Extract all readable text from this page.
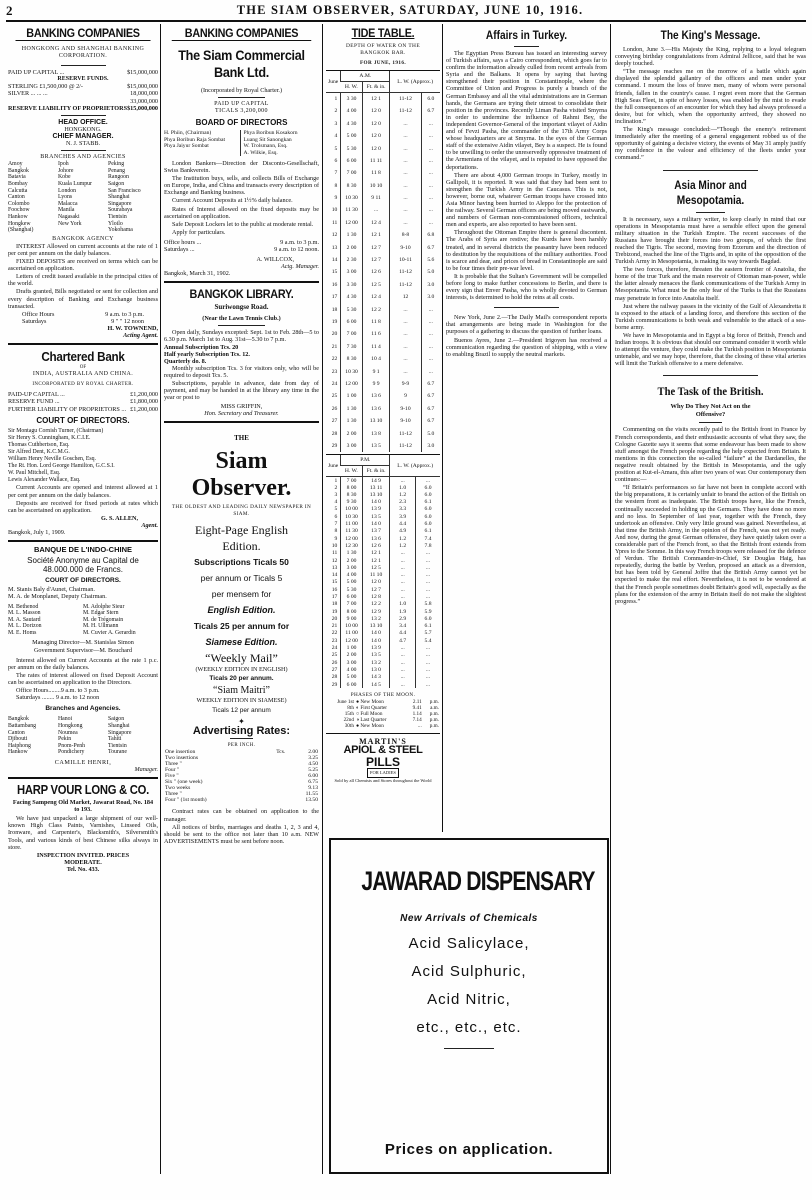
2	THE SIAM OBSERVER, SATURDAY, JUNE 10, 1916.
BANKING COMPANIES
HONGKONG AND SHANGHAI BANKING CORPORATION.
PAID UP CAPITAL ...	$15,000,000
RESERVE FUNDS.
STERLING £1,500,000 @ 2/-	$15,000,000
SILVER ... ... ...	18,000,000
33,000,000
RESERVE LIABILITY OF PROPRIETORS $15,000,000
HEAD OFFICE.
HONGKONG.
CHIEF MANAGER.
N. J. STABB.
BRANCHES AND AGENCIES
Amoy	Ipoh	Peking
Bangkok	Johore	Penang
Batavia	Kobe	Rangoon
Bombay	Kuala Lumpur	Saigon
Calcutta	London	San Francisco
Canton	Lyons	Shanghai
Colombo	Malacca	Singapore
Foochow	Manila	Sourabaya
Hankow	Nagasaki	Tientsin
Hongkew	New York	Yloilo
(Shanghai)	Yokohama
BANGKOK AGENCY

INTEREST Allowed on current accounts at the rate of 1 per cent per annum on the daily balances.

FIXED DEPOSITS are received on terms which can be ascertained on application.

Letters of credit issued available in the principal cities of the world.

Drafts granted, Bills negotiated or sent for collection and every description of Banking and Exchange business transacted.

Office Hours	9 a.m. to 3 p.m.
Saturdays	9 " " 12 noon
H. W. TOWNEND,
Acting Agent.
Chartered Bank
OF
INDIA, AUSTRALIA AND CHINA.
INCORPORATED BY ROYAL CHARTER.
PAID-UP CAPITAL ...	£1,200,000
RESERVE FUND ...	£1,800,000
FURTHER LIABILITY OF PROPRIETORS ... £1,200,000
COURT OF DIRECTORS.
Sir Montagu Cornish Turner, (Chairman)
Sir Henry S. Cunningham, K.C.I.E.
Thomas Cuthbertson, Esq.
Sir Alfred Dent, K.C.M.G.
William Henry Neville Goschen, Esq.
The Rt. Hon. Lord George Hamilton, G.C.S.I.
W. Paul Mitchell, Esq.
Lewis Alexander Wallace, Esq.

Current Accounts are opened and interest allowed at 1 per cent per annum on the daily balances.

Deposits are received for fixed periods at rates which can be ascertained on application.

G. S. ALLEN,
Agent.
Bangkok, July 1, 1909.
BANQUE DE L'INDO-CHINE
Société Anonyme au Capital de 48.000.000 de Francs.
COURT OF DIRECTORS.
M. Stanis Baly d'Aunet, Chairman.
M. A. de Monplanet, Deputy Chairman.
M. Bethenod	M. Adolphe Sieur
M. L. Masson	M. Edgar Stern
M. A. Sautard	M. de Trégomain
M. L. Dorizon	M. H. Ullmann
M. E. Homs	M. Cuvier A. Gerardin
Managing Director—M. Stanislas Simon
Government Supervisor—M. Bouchard

Interest allowed on Current Accounts at the rate 1 p.c. per annum on the daily balances.

The rates of interest allowed on fixed Deposit Account can be ascertained on application to the Directors.

Office Hours........9 a.m. to 3 p.m.
Saturdays ........ 9 a.m. to 12 noon
Branches and Agencies.
Bangkok	Hanoi	Saigon
Battambang	Hongkong	Shanghai
Canton	Noumea	Singapore
Djibouti	Pekin	Tahiti
Haiphong	Pnom-Penh	Tientsin
Hankow	Pondichery	Tourane
CAMILLE HENRI,
Manager.
HARP VOUR LONG & CO.
Facing Sampeng Old Market, Jawarat Road, No. 184 to 193.

We have just unpacked a large shipment of our well-known High Class Paints, Varnishes, Linseed Oils, Ironware, and Carpenter's, Blacksmith's, Silversmith's Tools, and various kinds of best Chinese silks always in store.

INSPECTION INVITED. PRICES
MODERATE.
Tel. No. 433.
BANKING COMPANIES
The Siam Commercial Bank Ltd.
(Incorporated by Royal Charter.)
PAID UP CAPITAL
TICALS 3,200,000
BOARD OF DIRECTORS
H. Phiin, (Chairman)
Phya Boribun Raja Sombat
Phya Jaiyur Sombat
Phya Boribun Kosakorn
Luang Sit Sanongkan
W. Trolsmann, Esq.
A. Wilkie, Esq.

London Bankers—Direction der Disconto-Gesellschaft, Swiss Bankverein.

The Institution buys, sells, and collects Bills of Exchange on Europe, India, and China and transacts every description of Exchange and Banking business.

Current Account Deposits at 1½% daily balance.

Rates of Interest allowed on the fixed deposits may be ascertained on application.

Safe Deposit Lockers let to the public at moderate rental.

Apply for particulars.

Office hours ...	9 a.m. to 3 p.m.
Saturdays ...	9 a.m. to 12 noon.
A. WILLCOX,
Actg. Manager.
Bangkok, March 31, 1902.
BANGKOK LIBRARY.
Suriwongse Road.
(Near the Lawn Tennis Club.)

Open daily, Sundays excepted: Sept. 1st to Feb. 28th—5 to 6.30 p.m. March 1st to Aug. 31st—5.30 to 7 p.m.

Annual Subscription Tcs. 20
Half yearly Subscription Tcs. 12.
Quarterly do. 8.

Monthly subscription Tcs. 3 for visitors only, who will be required to deposit Tcs. 5.

Subscriptions, payable in advance, date from day of payment, and may be handed in at the library any time in the year or post to

MISS GRIFFIN,
Hon. Secretary and Treasurer.
THE
Siam Observer.
THE OLDEST AND LEADING DAILY NEWSPAPER IN SIAM.
Eight-Page English
Edition.
Subscriptions Ticals 50
per annum or Ticals 5
per mensem for
English Edition.
Ticals 25 per annum for
Siamese Edition.
“Weekly Mail”
(WEEKLY EDITION IN ENGLISH)
Ticals 20 per annum.
“Siam Maitri”
WEEKLY EDITION IN SIAMESE)
Ticals 12 per annum
✦
Advertising Rates:
PER INCH.
One insertion	Tcs.	2.00
Two insertions		3.25
Three "		4.50
Four "		5.25
Five "		6.00
Six " (one week)		6.75
Two weeks		9.13
Three "		11.55
Four " (1st month)		13.50

Contract rates can be obtained on application to the manager.

All notices of births, marriages and deaths 1, 2, 3 and 4, should be sent to the office not later than 10 a.m. NEW ADVERTISEMENTS must be sent before noon.

TIDE TABLE.
DEPTH OF WATER ON THE BANGKOK BAR.
FOR JUNE, 1916.
June	A.M.		L. W. (Approx.)	
	H. W.	Ft. & in.		
1	3 30	12 1	11-12	6.0
2	4 00	12 0	11-12	6.7
3	4 30	12 0	...	...
4	5 00	12 0	...	...
5	5 30	12 0	...	...
6	6 00	11 11	...	...
7	7 00	11 8	...	...
8	8 30	10 10	...	...
9	10 30	9 11	...	...
10	11 30	...	...	...
11	12 00	12 4	...	...
12	1 30	12 1	8-8	6.8
13	2 00	12 7	9-10	6.7
14	2 30	12 7	10-11	5.6
15	3 00	12 6	11-12	5.0
16	3 30	12 5	11-12	3.0
17	4 30	12 4	12	3.0
18	5 30	12 2	...	...
19	6 00	11 8	...	...
20	7 00	11 6	...	...
21	7 30	11 4	...	...
22	8 30	10 4	...	...
23	10 30	9 1	...	...
24	12 00	9 9	9-9	6.7
25	1 00	13 6	9	6.7
26	1 30	13 6	9-10	6.7
27	1 30	13 10	9-10	6.7
28	2 00	13 8	11-12	5.0
29	3 00	13 5	11-12	3.0
June	P.M.		L. W. (Approx.)	
	H. W.	Ft. & in.		
1	7 00	14 9	...	...
2	8 00	13 11	1.0	6.0
3	8 30	13 10	1.2	6.0
4	9 30	14 0	2.3	6.1
5	10 00	13 9	3.3	6.0
6	10 30	13 5	3.9	6.0
7	11 00	14 0	4.4	6.0
8	11 30	13 7	4.9	6.1
9	12 00	13 6	1.2	7.4
10	12 30	12 6	1.2	7.8
11	1 30	12 1	...	...
12	2 00	12 1	...	...
13	3 00	12 5	...	...
14	4 00	11 10	...	...
15	5 00	12 0	...	...
16	5 30	12 7	...	...
17	6 00	12 8	...	...
18	7 00	12 2	1.0	5.8
19	8 00	12 9	1.9	5.9
20	9 00	13 2	2.9	6.0
21	10 00	13 10	3.4	6.1
22	11 00	14 0	4.4	5.7
23	12 00	14 0	4.7	5.4
24	1 00	13 9	...	...
25	2 00	13 5	...	...
26	3 00	13 2	...	...
27	4 00	13 0	...	...
28	5 00	14 3	...	...
29	6 00	14 5	...	...
PHASES OF THE MOON.
June 1st	● New Moon	2.11	p.m.
8th	◐ First Quarter	9.41	a.m.
15th	○ Full Moon	1.14	p.m.
22nd	◑ Last Quarter	7.14	p.m.
30th	● New Moon	...	p.m.
MARTIN'S
APIOL & STEEL
PILLS
FOR LADIES
Sold by all Chemists and Stores throughout the World
Affairs in Turkey.

The Egyptian Press Bureau has issued an interesting survey of Turkish affairs, says a Cairo correspondent, which goes far to confirm the information already culled from recent arrivals from Syria and the Balkans. It opens by saying that having strengthened their position in Constantinople, where the Committee of Union and Progress is purely a branch of the German Embassy and all the vital administrations are in German hands, the Germans are trying their utmost to consolidate their position in the provinces. Recently Liman Pasha visited Smyrna in order to undermine the influence of Rahmi Bey, the independent Governor-General of the important vilayet of Aidin and of Fevzi Pasha, the commander of the 17th Army Corps whose headquarters are at Smyrna. In the eyes of the German staff of the extensive Aidin vilayet, Bey is a suspect. He is found to be unwilling to order the unreservedly oppressive treatment of the Armenians of the vilayet, and is reputed to have opposed the deportations.

There are about 4,000 German troops in Turkey, mostly in Gallipoli, it is reported. It was said that they had been sent to strengthen the Turkish Army in the Caucasus. This is not, however, borne out, whatever German troops have crossed into Asia Minor having been hurried to Aleppo for the protection of the railway. Several German officers are being moved eastwards, and numbers of German non-commissioned officers, technical men and experts, are also reported to have been sent.

Throughout the Ottoman Empire there is general discontent. The Arabs of Syria are restive; the Kurds have been harshly treated, and in several districts the peasantry have been reduced to destitution by the requisitions of the military authorities. Food is scarce and dear, and prices of bread in Constantinople are said to be four times their pre-war level.

It is probable that the Sultan's Government will be compelled before long to make further concessions to Berlin, and there is every sign that Enver Pasha, who is wholly devoted to German interests, is determined to hold the reins at all costs.

New York, June 2.—The Daily Mail's correspondent reports that arrangements are being made in Washington for the purposes of a gathering to discuss the question of further loans.

Buenos Ayres, June 2.—President Irigoyen has received a communication regarding the question of shipping, with a view to enabling Brazil to supply the neutral markets.

JAWARAD DISPENSARY
New Arrivals of Chemicals
Acid Salicylace,
Acid Sulphuric,
Acid Nitric,
etc., etc., etc.
Prices on application.
The King's Message.

London, June 3.—His Majesty the King, replying to a loyal telegram conveying birthday congratulations from Admiral Jellicoe, said that he was deeply touched.

“The message reaches me on the morrow of a battle which again displayed the splendid gallantry of the officers and men under your command. I mourn the loss of brave men, many of whom were personal friends, fallen in the country's cause. I regret even more that the German High Seas Fleet, in spite of heavy losses, was enabled by the mist to evade the full consequences of an encounter for which they had always professed a desire, but for which, when the opportunity arrived, they showed no inclination.”

The King's message concluded:—“Though the enemy's retirement immediately after the meeting of a general engagement robbed us of the opportunity of gaining a decisive victory, the events of May 31 amply justify my confidence in the valour and efficiency of the fleets under your command.”

Asia Minor and Mesopotamia.

It is necessary, says a military writer, to keep clearly in mind that our operations in Mesopotamia must have a sensible effect upon the general military situation in the Turkish Empire. The recent successes of the Russians have brought their forces into two groups, of which the first reached the Tigris. The second, moving from Erzerum and the direction of Trebizond, reached the line of the Tigris and, in spite of the opposition of the Turkish Army in Mesopotamia, is making its way towards Bagdad.

The two forces, therefore, threaten the eastern frontier of Anatolia, the home of the true Turk and the main reservoir of Ottoman man-power, while the latter already menaces the flank communications of the Turkish Army in Mesopotamia. What must be the only fear of the Turks is that the Russians may penetrate in force into Anatolia itself.

Just where the railway passes in the vicinity of the Gulf of Alexandretta it is exposed to the attack of a landing force, and therefore this section of the Turkish communications is both weak and vulnerable to the attack of a sea-borne army.

We have in Mesopotamia and in Egypt a big force of British, French and Indian troops. It is obvious that should our command consider it worth while to attempt the venture, they could make the Turkish position in Mesopotamia untenable, and we may hope, therefore, that the closing of these vital arteries will limit the Turkish offensive to a mere defensive.

The Task of the British.
Why Do They Not Act on the Offensive?

Commenting on the visits recently paid to the British front in France by French correspondents, and their enthusiastic accounts of what they saw, the Cologne Gazette says it seems that some endeavour has been made to show stuff amongst the French people regarding the help expected from Britain. It mentions in this connection the so-called “failure” at the Dardanelles, the negative result obtained by the British in Mesopotamia, and the ugly position at Kut-el-Amara, this after two years of war. Our contemporary then continues:—

“If Britain's performances so far have not been in complete accord with the big preparations, it is certainly unfair to brand the action of the British on the western front as inadequate. The British troops have, like the French, continually succeeded in holding up the Germans. They have done no more and no less. In September of last year, together with the French, they undertook an offensive. Only very little ground was gained. Nevertheless, at that time the British Army, in the opinion of the French, was not yet ready. And now, during the great German offensive, they have quietly taken over a considerable part of the French front, so that the British front extends from Ypres to the Somme. In this way French troops were released for the defence of Verdun. The British Commander-in-Chief, Sir Douglas Haig, has repeatedly, during the battle by Verdun, proposed an attack as a diversion, but has been told by General Joffre that the British Army cannot yet be expected to make the real effort. Nevertheless, it is not to be wondered at that the French people sometimes doubt Britain's good will, especially as the plans for the extension of the army in Britain itself do not make the slightest progress.”
